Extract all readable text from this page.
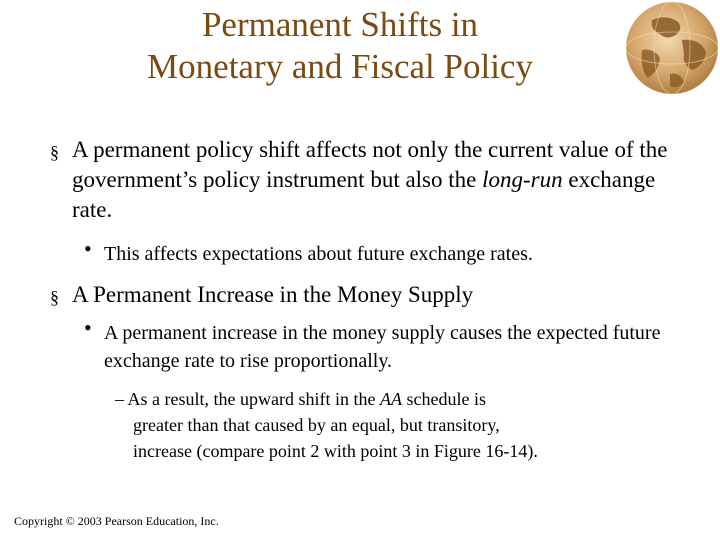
Permanent Shifts in
Monetary and Fiscal Policy
§ A permanent policy shift affects not only the current value of the government’s policy instrument but also the long-run exchange rate.
• This affects expectations about future exchange rates.
§ A Permanent Increase in the Money Supply
• A permanent increase in the money supply causes the expected future exchange rate to rise proportionally.
– As a result, the upward shift in the AA schedule is
greater than that caused by an equal, but transitory,
increase (compare point 2 with point 3 in Figure 16-14).
Copyright © 2003 Pearson Education, Inc.
